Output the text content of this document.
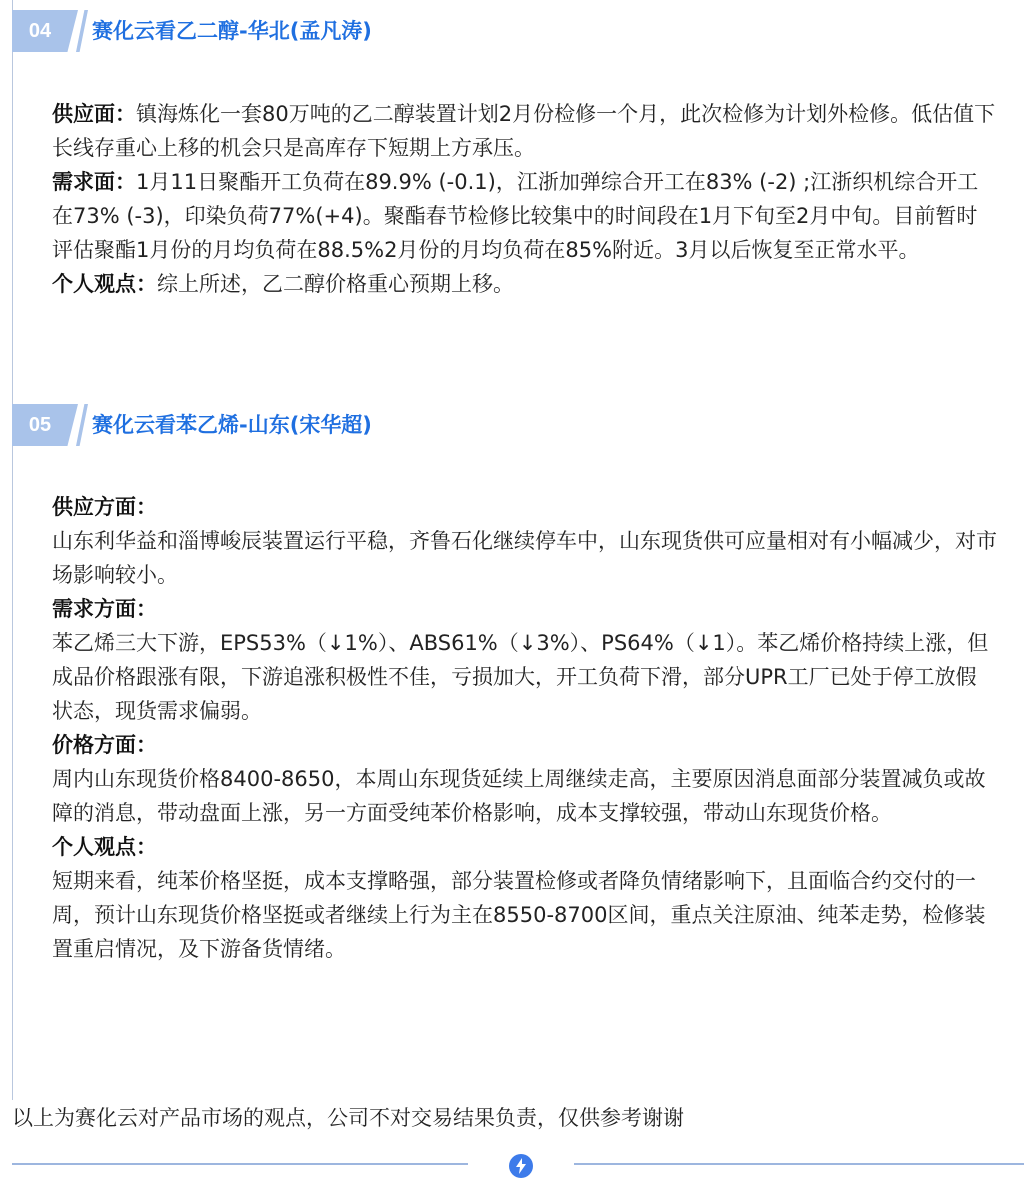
04	赛化云看乙二醇-华北(孟凡涛)

供应面：镇海炼化一套80万吨的乙二醇装置计划2月份检修一个月，此次检修为计划外检修。低估值下长线存重心上移的机会只是高库存下短期上方承压。

需求面：1月11日聚酯开工负荷在89.9% (-0.1)，江浙加弹综合开工在83% (-2) ;江浙织机综合开工在73% (-3)，印染负荷77%(+4)。聚酯春节检修比较集中的时间段在1月下旬至2月中旬。目前暂时评估聚酯1月份的月均负荷在88.5%2月份的月均负荷在85%附近。3月以后恢复至正常水平。

个人观点：综上所述，乙二醇价格重心预期上移。

05	赛化云看苯乙烯-山东(宋华超)

供应方面：
山东利华益和淄博峻辰装置运行平稳，齐鲁石化继续停车中，山东现货供可应量相对有小幅减少，对市场影响较小。

需求方面：
苯乙烯三大下游，EPS53%（↓1%）、ABS61%（↓3%）、PS64%（↓1）。苯乙烯价格持续上涨，但成品价格跟涨有限，下游追涨积极性不佳，亏损加大，开工负荷下滑，部分UPR工厂已处于停工放假状态，现货需求偏弱。

价格方面：
周内山东现货价格8400-8650，本周山东现货延续上周继续走高，主要原因消息面部分装置减负或故障的消息，带动盘面上涨，另一方面受纯苯价格影响，成本支撑较强，带动山东现货价格。

个人观点：
短期来看，纯苯价格坚挺，成本支撑略强，部分装置检修或者降负情绪影响下，且面临合约交付的一周，预计山东现货价格坚挺或者继续上行为主在8550-8700区间，重点关注原油、纯苯走势，检修装置重启情况，及下游备货情绪。

以上为赛化云对产品市场的观点，公司不对交易结果负责，仅供参考谢谢
